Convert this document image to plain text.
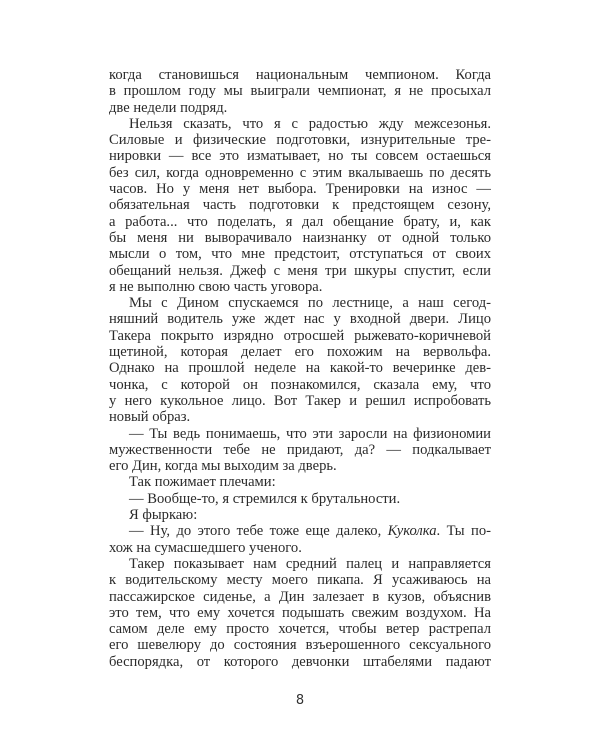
когда становишься национальным чемпионом. Когда
в прошлом году мы выиграли чемпионат, я не просыхал
две недели подряд.
Нельзя сказать, что я с радостью жду межсезонья.
Силовые и физические подготовки, изнурительные тре-
нировки — все это изматывает, но ты совсем остаешься
без сил, когда одновременно с этим вкалываешь по десять
часов. Но у меня нет выбора. Тренировки на износ —
обязательная часть подготовки к предстоящем сезону,
а работа... что поделать, я дал обещание брату, и, как
бы меня ни выворачивало наизнанку от одной только
мысли о том, что мне предстоит, отступаться от своих
обещаний нельзя. Джеф с меня три шкуры спустит, если
я не выполню свою часть уговора.
Мы с Дином спускаемся по лестнице, а наш сегод-
няшний водитель уже ждет нас у входной двери. Лицо
Такера покрыто изрядно отросшей рыжевато-коричневой
щетиной, которая делает его похожим на вервольфа.
Однако на прошлой неделе на какой-то вечеринке дев-
чонка, с которой он познакомился, сказала ему, что
у него кукольное лицо. Вот Такер и решил испробовать
новый образ.
— Ты ведь понимаешь, что эти заросли на физиономии
мужественности тебе не придают, да? — подкалывает
его Дин, когда мы выходим за дверь.
Так пожимает плечами:
— Вообще-то, я стремился к брутальности.
Я фыркаю:
— Ну, до этого тебе тоже еще далеко, Куколка. Ты по-
хож на сумасшедшего ученого.
Такер показывает нам средний палец и направляется
к водительскому месту моего пикапа. Я усаживаюсь на
пассажирское сиденье, а Дин залезает в кузов, объяснив
это тем, что ему хочется подышать свежим воздухом. На
самом деле ему просто хочется, чтобы ветер растрепал
его шевелюру до состояния взъерошенного сексуального
беспорядка, от которого девчонки штабелями падают
8
